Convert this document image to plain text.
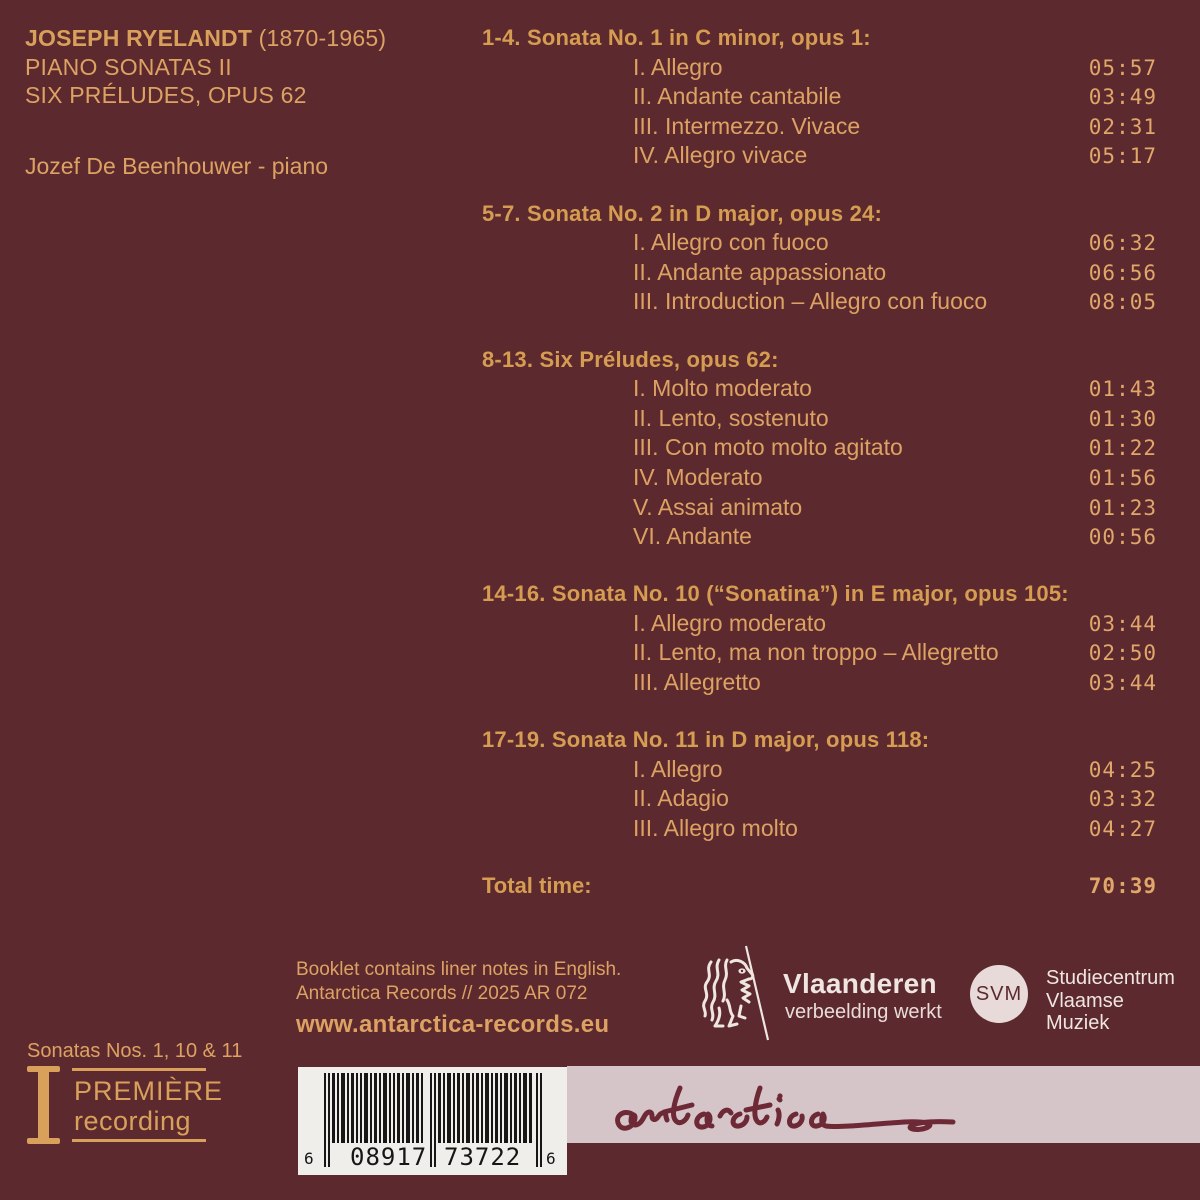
JOSEPH RYELANDT (1870-1965)
PIANO SONATAS II
SIX PRÉLUDES, OPUS 62
Jozef De Beenhouwer - piano
1-4. Sonata No. 1 in C minor, opus 1:
I. Allegro	05:57
II. Andante cantabile	03:49
III. Intermezzo. Vivace	02:31
IV. Allegro vivace	05:17
5-7. Sonata No. 2 in D major, opus 24:
I. Allegro con fuoco	06:32
II. Andante appassionato	06:56
III. Introduction – Allegro con fuoco	08:05
8-13. Six Préludes, opus 62:
I. Molto moderato	01:43
II. Lento, sostenuto	01:30
III. Con moto molto agitato	01:22
IV. Moderato	01:56
V. Assai animato	01:23
VI. Andante	00:56
14-16. Sonata No. 10 (“Sonatina”) in E major, opus 105:
I. Allegro moderato	03:44
II. Lento, ma non troppo – Allegretto	02:50
III. Allegretto	03:44
17-19. Sonata No. 11 in D major, opus 118:
I. Allegro	04:25
II. Adagio	03:32
III. Allegro molto	04:27
Total time:	70:39
Booklet contains liner notes in English.
Antarctica Records // 2025 AR 072
www.antarctica-records.eu
Vlaanderen
verbeelding werkt
SVM
Studiecentrum
Vlaamse
Muziek
Sonatas Nos. 1, 10 & 11
PREMIÈRE
recording
6 08917 73722 6
